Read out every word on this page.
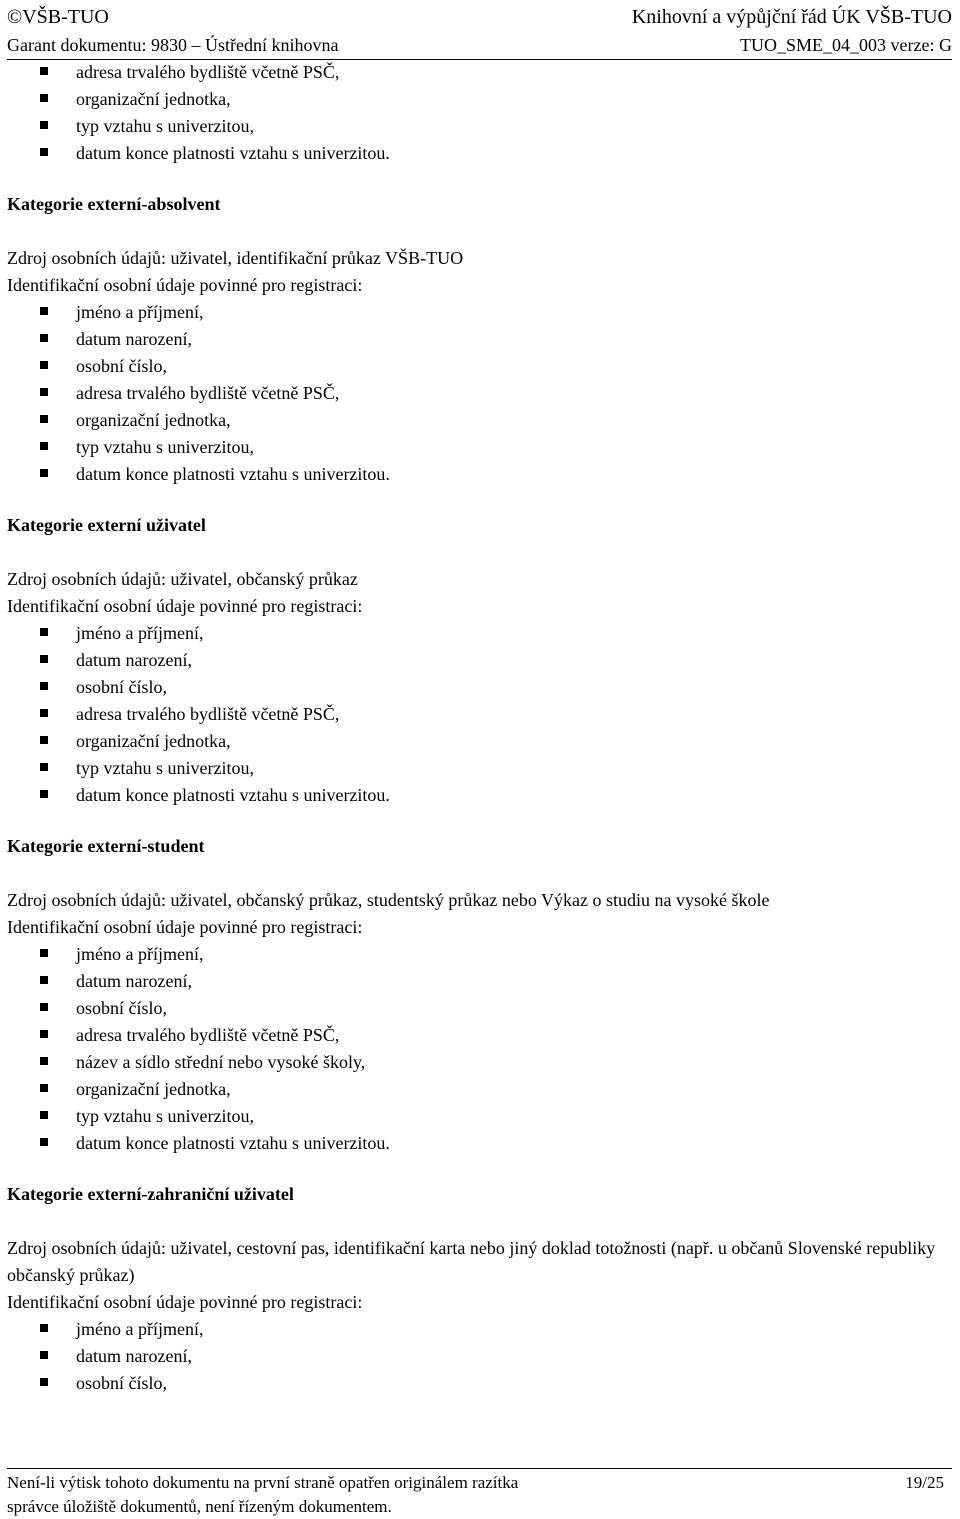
©VŠB-TUO
Garant dokumentu: 9830 – Ústřední knihovna
Knihovní a výpůjční řád ÚK VŠB-TUO
TUO_SME_04_003 verze: G
adresa trvalého bydliště včetně PSČ,
organizační jednotka,
typ vztahu s univerzitou,
datum konce platnosti vztahu s univerzitou.
Kategorie externí-absolvent
Zdroj osobních údajů: uživatel, identifikační průkaz VŠB-TUO
Identifikační osobní údaje povinné pro registraci:
jméno a příjmení,
datum narození,
osobní číslo,
adresa trvalého bydliště včetně PSČ,
organizační jednotka,
typ vztahu s univerzitou,
datum konce platnosti vztahu s univerzitou.
Kategorie externí uživatel
Zdroj osobních údajů: uživatel, občanský průkaz
Identifikační osobní údaje povinné pro registraci:
jméno a příjmení,
datum narození,
osobní číslo,
adresa trvalého bydliště včetně PSČ,
organizační jednotka,
typ vztahu s univerzitou,
datum konce platnosti vztahu s univerzitou.
Kategorie externí-student
Zdroj osobních údajů: uživatel, občanský průkaz, studentský průkaz nebo Výkaz o studiu na vysoké škole
Identifikační osobní údaje povinné pro registraci:
jméno a příjmení,
datum narození,
osobní číslo,
adresa trvalého bydliště včetně PSČ,
název a sídlo střední nebo vysoké školy,
organizační jednotka,
typ vztahu s univerzitou,
datum konce platnosti vztahu s univerzitou.
Kategorie externí-zahraniční uživatel
Zdroj osobních údajů: uživatel, cestovní pas, identifikační karta nebo jiný doklad totožnosti (např. u občanů Slovenské republiky občanský průkaz)
Identifikační osobní údaje povinné pro registraci:
jméno a příjmení,
datum narození,
osobní číslo,
Není-li výtisk tohoto dokumentu na první straně opatřen originálem razítka
správce úložiště dokumentů, není řízeným dokumentem.
19/25
